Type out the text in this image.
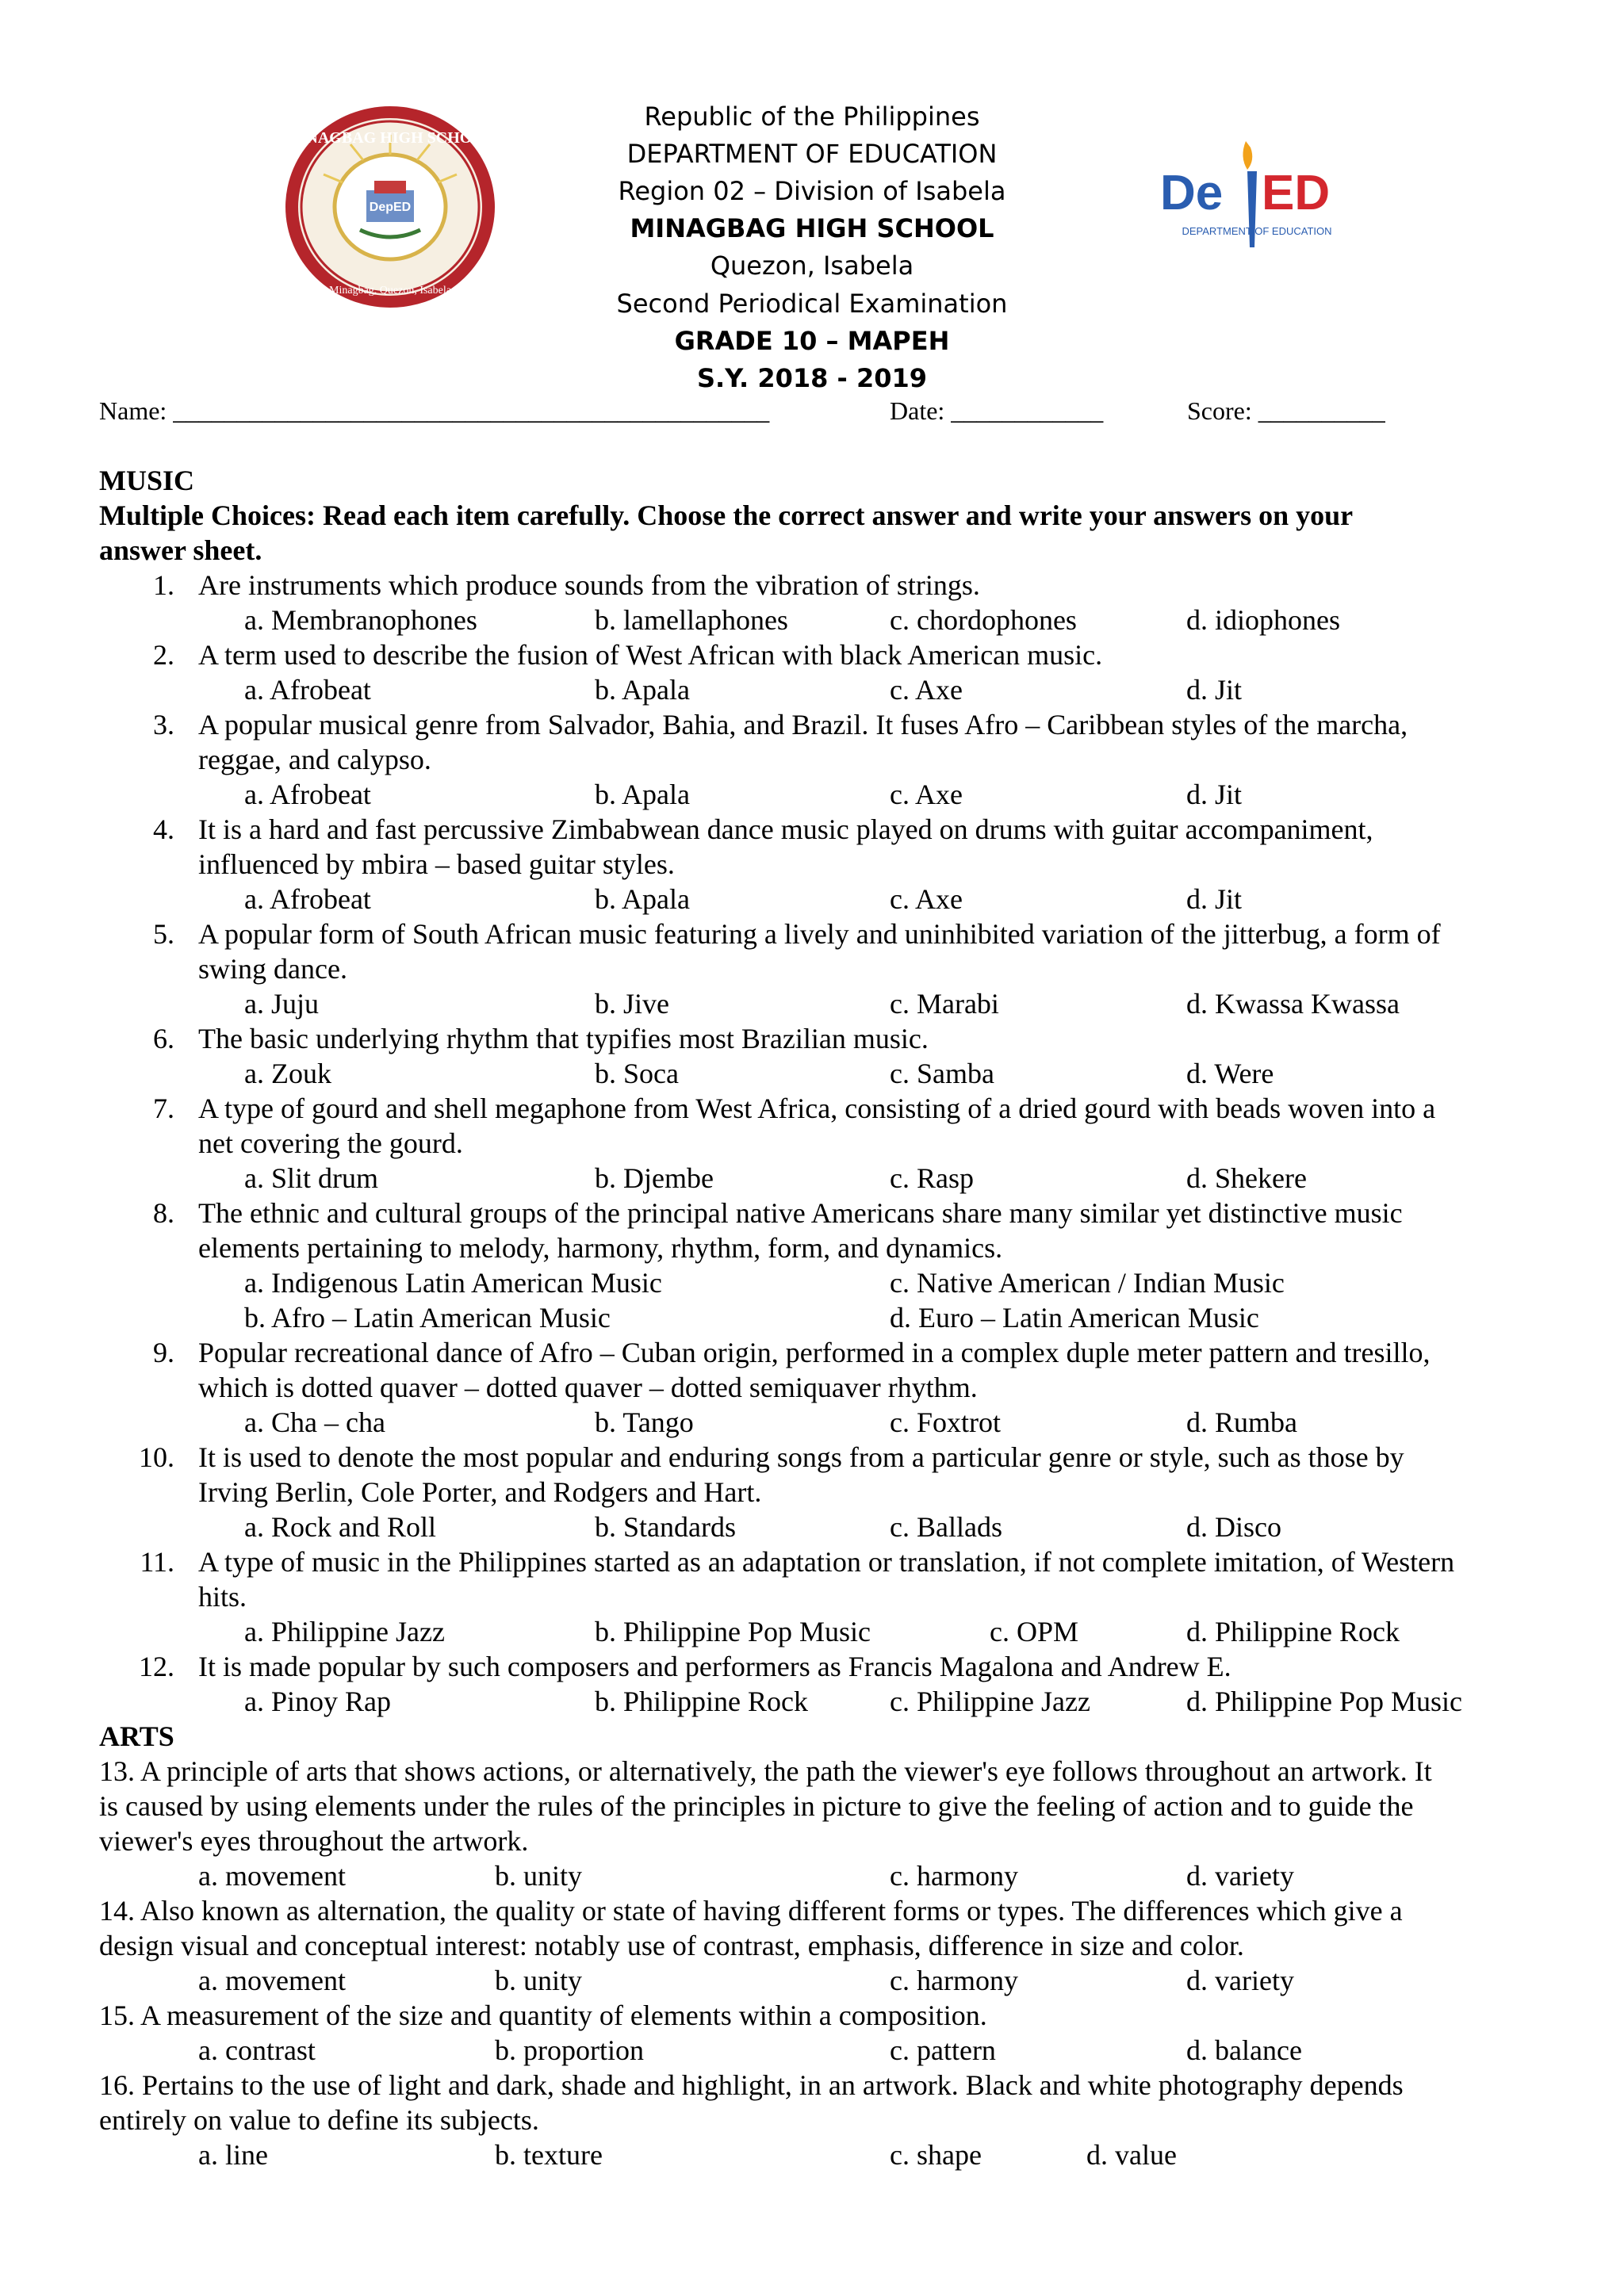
DepED
MINAGBAG HIGH SCHOOL
Minagbag, Quezon, Isabela
De ED
DEPARTMENT OF EDUCATION
DepED
Republic of the Philippines
DEPARTMENT OF EDUCATION
Region 02 – Division of Isabela
MINAGBAG HIGH SCHOOL
Quezon, Isabela
Second Periodical Examination
GRADE 10 – MAPEH
S.Y. 2018 - 2019
Name: _______________________________________________	Date: ____________	Score: __________
MUSIC
Multiple Choices: Read each item carefully. Choose the correct answer and write your answers on your
answer sheet.
1. Are instruments which produce sounds from the vibration of strings.
a. Membranophones	b. lamellaphones	c. chordophones	d. idiophones
2. A term used to describe the fusion of West African with black American music.
a. Afrobeat	b. Apala	c. Axe	d. Jit
3. A popular musical genre from Salvador, Bahia, and Brazil. It fuses Afro – Caribbean styles of the marcha,
reggae, and calypso.
a. Afrobeat	b. Apala	c. Axe	d. Jit
4. It is a hard and fast percussive Zimbabwean dance music played on drums with guitar accompaniment,
influenced by mbira – based guitar styles.
a. Afrobeat	b. Apala	c. Axe	d. Jit
5. A popular form of South African music featuring a lively and uninhibited variation of the jitterbug, a form of
swing dance.
a. Juju	b. Jive	c. Marabi	d. Kwassa Kwassa
6. The basic underlying rhythm that typifies most Brazilian music.
a. Zouk	b. Soca	c. Samba	d. Were
7. A type of gourd and shell megaphone from West Africa, consisting of a dried gourd with beads woven into a
net covering the gourd.
a. Slit drum	b. Djembe	c. Rasp	d. Shekere
8. The ethnic and cultural groups of the principal native Americans share many similar yet distinctive music
elements pertaining to melody, harmony, rhythm, form, and dynamics.
a. Indigenous Latin American Music	c. Native American / Indian Music
b. Afro – Latin American Music	d. Euro – Latin American Music
9. Popular recreational dance of Afro – Cuban origin, performed in a complex duple meter pattern and tresillo,
which is dotted quaver – dotted quaver – dotted semiquaver rhythm.
a. Cha – cha	b. Tango	c. Foxtrot	d. Rumba
10. It is used to denote the most popular and enduring songs from a particular genre or style, such as those by
Irving Berlin, Cole Porter, and Rodgers and Hart.
a. Rock and Roll	b. Standards	c. Ballads	d. Disco
11. A type of music in the Philippines started as an adaptation or translation, if not complete imitation, of Western
hits.
a. Philippine Jazz	b. Philippine Pop Music	c. OPM	d. Philippine Rock
12. It is made popular by such composers and performers as Francis Magalona and Andrew E.
a. Pinoy Rap	b. Philippine Rock	c. Philippine Jazz	d. Philippine Pop Music
ARTS
13. A principle of arts that shows actions, or alternatively, the path the viewer's eye follows throughout an artwork. It
is caused by using elements under the rules of the principles in picture to give the feeling of action and to guide the
viewer's eyes throughout the artwork.
a. movement	b. unity	c. harmony	d. variety
14. Also known as alternation, the quality or state of having different forms or types. The differences which give a
design visual and conceptual interest: notably use of contrast, emphasis, difference in size and color.
a. movement	b. unity	c. harmony	d. variety
15. A measurement of the size and quantity of elements within a composition.
a. contrast	b. proportion	c. pattern	d. balance
16. Pertains to the use of light and dark, shade and highlight, in an artwork. Black and white photography depends
entirely on value to define its subjects.
a. line	b. texture	c. shape	d. value
